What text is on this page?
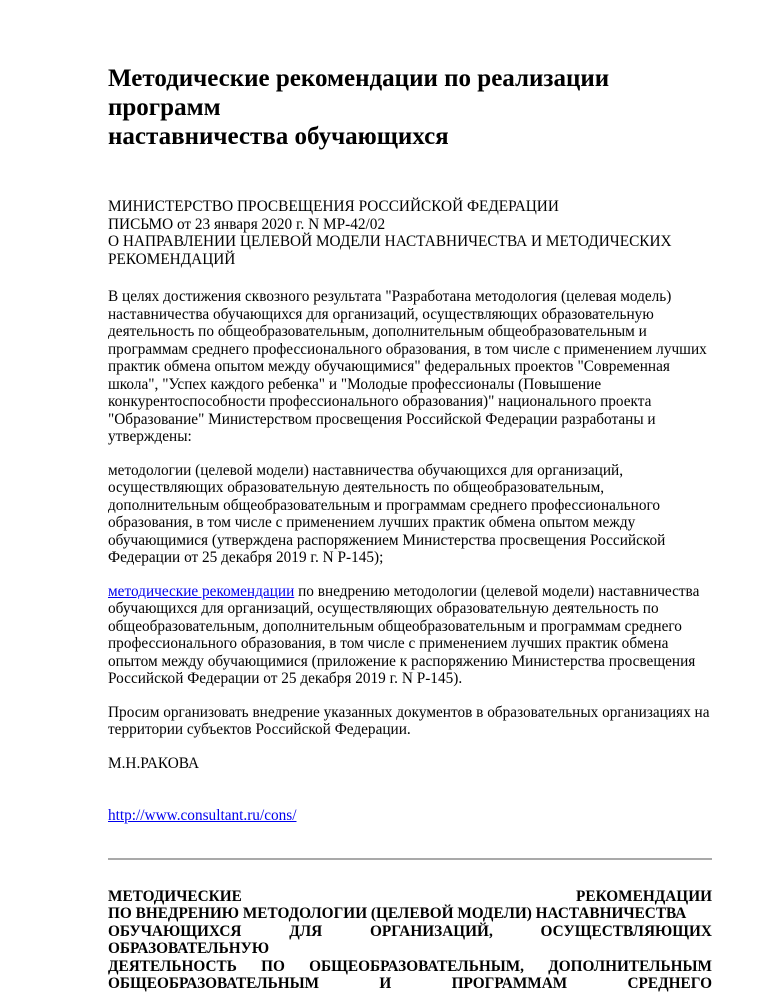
Методические рекомендации по реализации программ
наставничества обучающихся
МИНИСТЕРСТВО ПРОСВЕЩЕНИЯ РОССИЙСКОЙ ФЕДЕРАЦИИ
ПИСЬМО от 23 января 2020 г. N МР-42/02
О НАПРАВЛЕНИИ ЦЕЛЕВОЙ МОДЕЛИ НАСТАВНИЧЕСТВА И МЕТОДИЧЕСКИХ
РЕКОМЕНДАЦИЙ

В целях достижения сквозного результата "Разработана методология (целевая модель) наставничества обучающихся для организаций, осуществляющих образовательную деятельность по общеобразовательным, дополнительным общеобразовательным и программам среднего профессионального образования, в том числе с применением лучших практик обмена опытом между обучающимися" федеральных проектов "Современная школа", "Успех каждого ребенка" и "Молодые профессионалы (Повышение конкурентоспособности профессионального образования)" национального проекта "Образование" Министерством просвещения Российской Федерации разработаны и утверждены:

методологии (целевой модели) наставничества обучающихся для организаций, осуществляющих образовательную деятельность по общеобразовательным, дополнительным общеобразовательным и программам среднего профессионального образования, в том числе с применением лучших практик обмена опытом между обучающимися (утверждена распоряжением Министерства просвещения Российской Федерации от 25 декабря 2019 г. N Р-145);

методические рекомендации по внедрению методологии (целевой модели) наставничества обучающихся для организаций, осуществляющих образовательную деятельность по общеобразовательным, дополнительным общеобразовательным и программам среднего профессионального образования, в том числе с применением лучших практик обмена опытом между обучающимися (приложение к распоряжению Министерства просвещения Российской Федерации от 25 декабря 2019 г. N Р-145).

Просим организовать внедрение указанных документов в образовательных организациях на территории субъектов Российской Федерации.

М.Н.РАКОВА
http://www.consultant.ru/cons/
МЕТОДИЧЕСКИЕ	РЕКОМЕНДАЦИИ
ПО ВНЕДРЕНИЮ МЕТОДОЛОГИИ (ЦЕЛЕВОЙ МОДЕЛИ) НАСТАВНИЧЕСТВА
ОБУЧАЮЩИХСЯ	ДЛЯ	ОРГАНИЗАЦИЙ,	ОСУЩЕСТВЛЯЮЩИХ
ОБРАЗОВАТЕЛЬНУЮ
ДЕЯТЕЛЬНОСТЬ ПО ОБЩЕОБРАЗОВАТЕЛЬНЫМ, ДОПОЛНИТЕЛЬНЫМ
ОБЩЕОБРАЗОВАТЕЛЬНЫМ	И	ПРОГРАММАМ	СРЕДНЕГО
